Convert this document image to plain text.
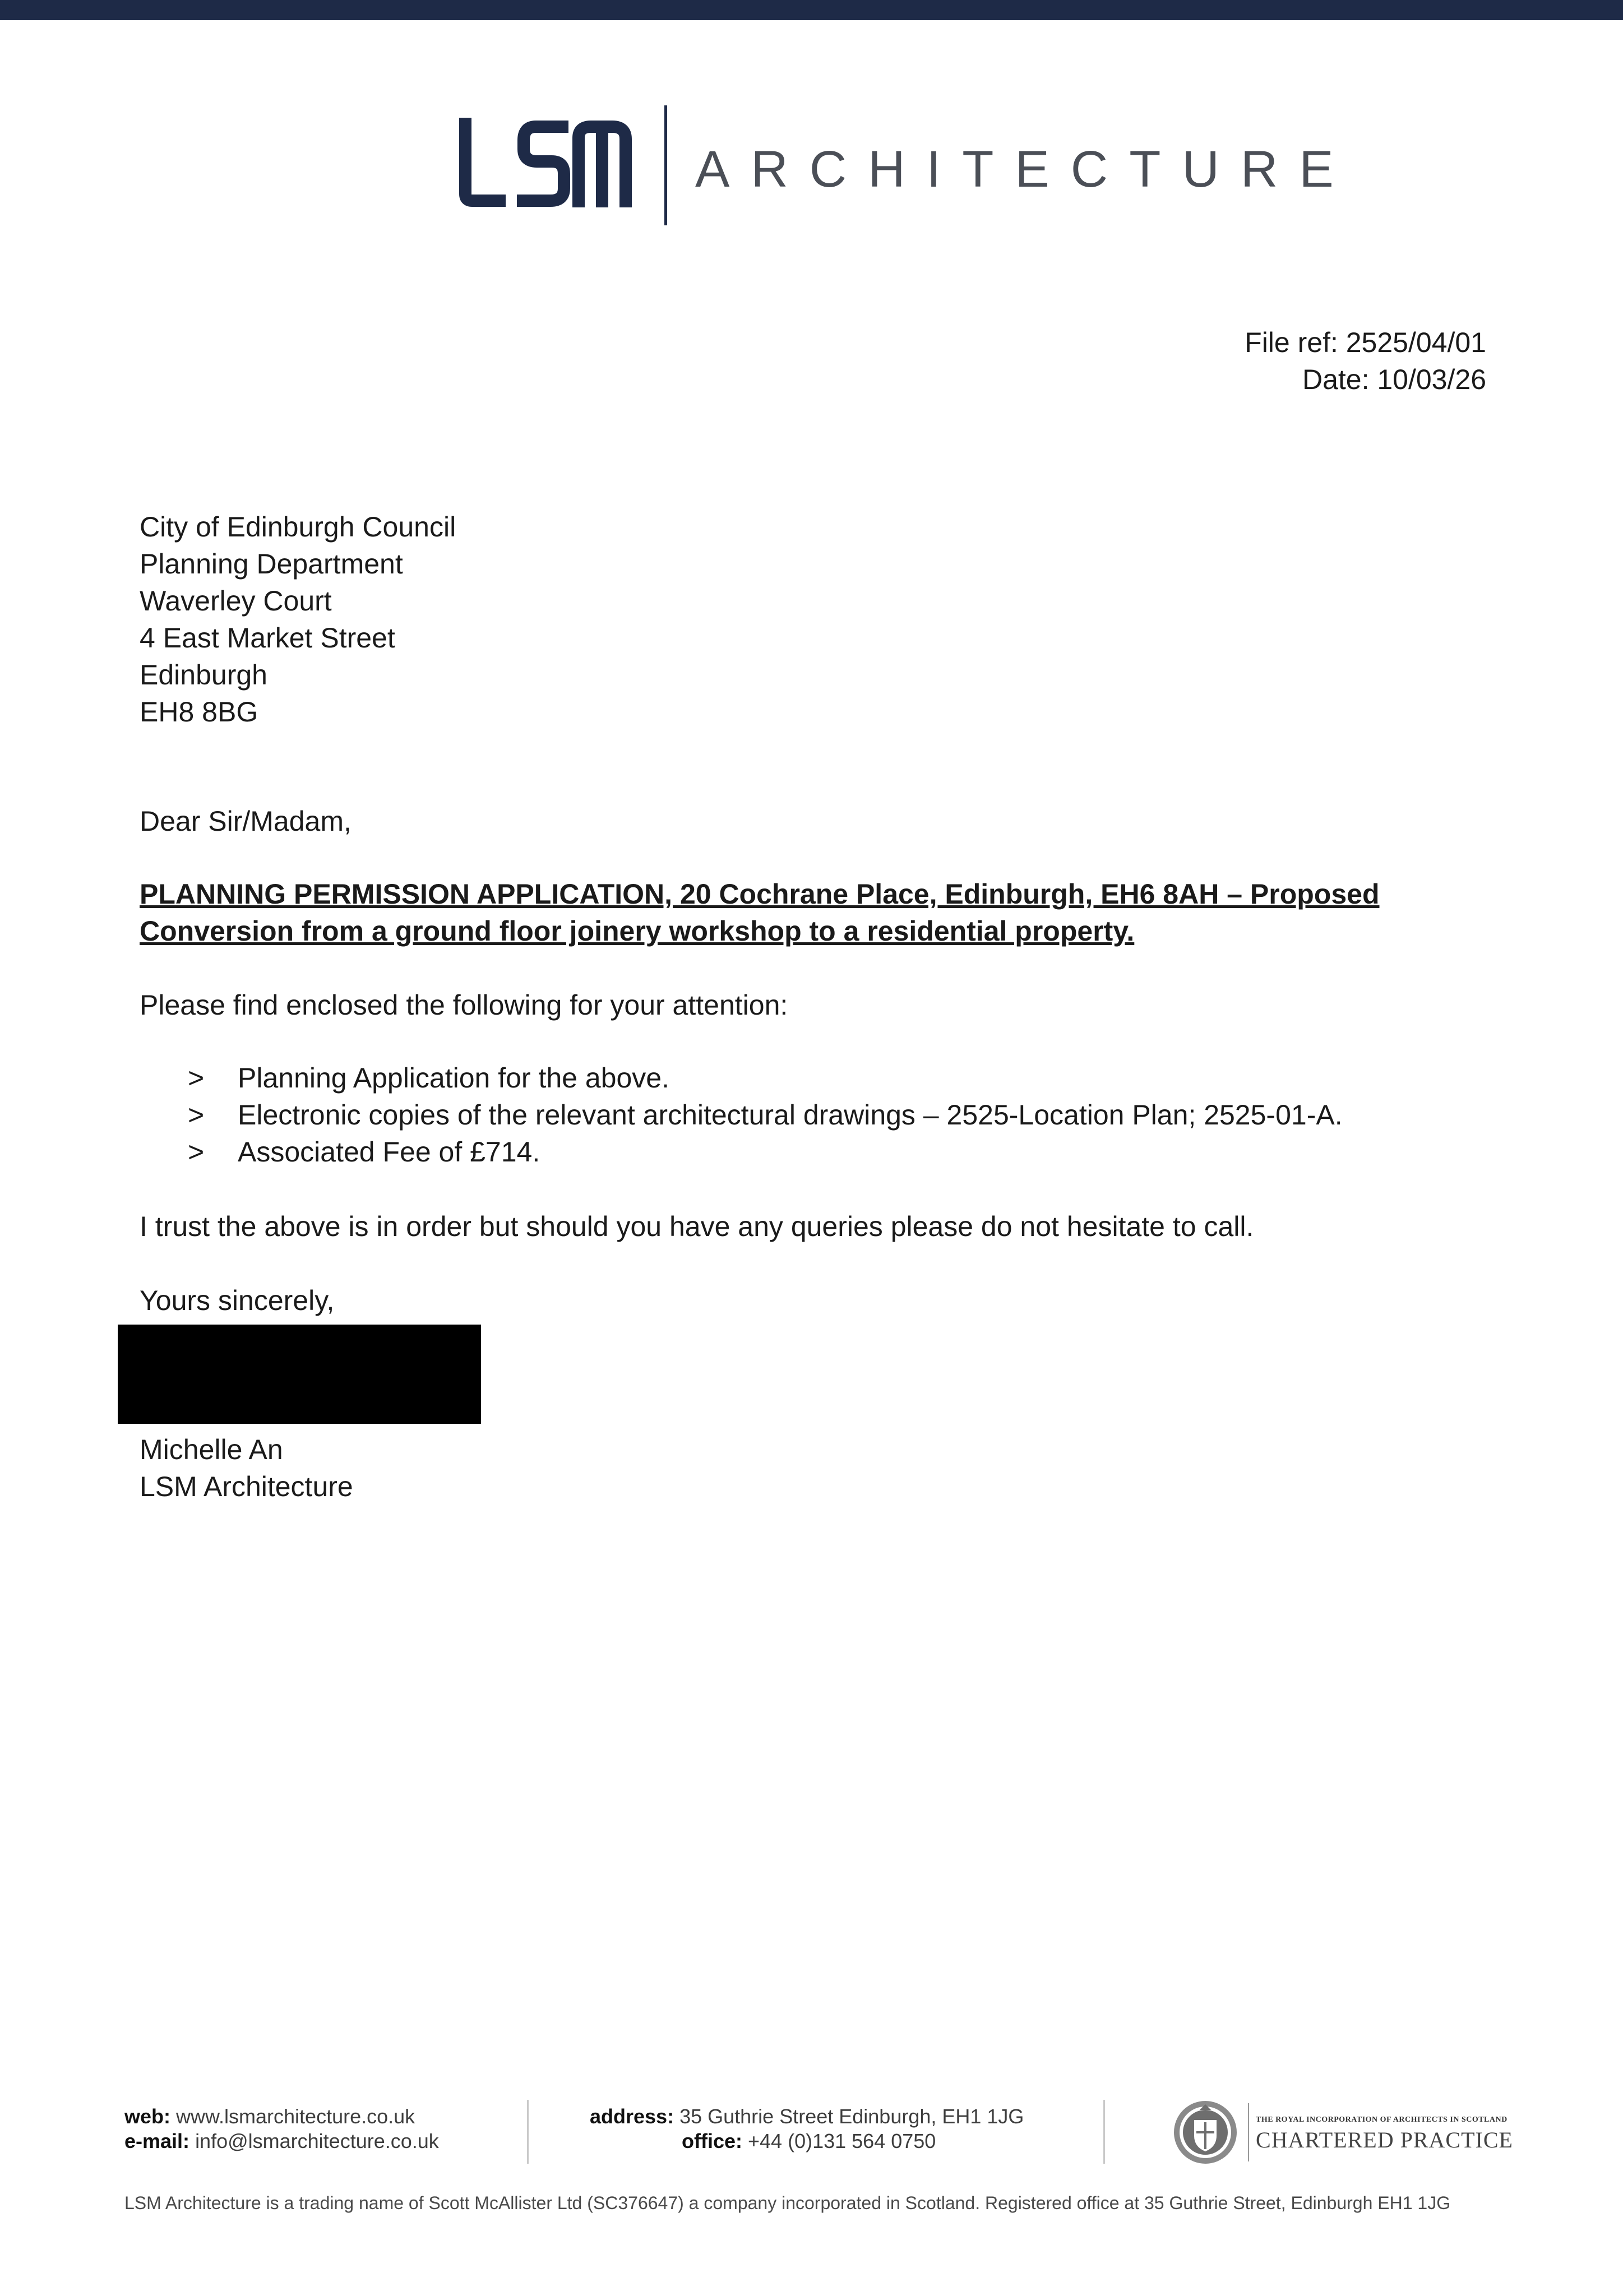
ARCHITECTURE
File ref: 2525/04/01
Date: 10/03/26
City of Edinburgh Council
Planning Department
Waverley Court
4 East Market Street
Edinburgh
EH8 8BG
Dear Sir/Madam,
PLANNING PERMISSION APPLICATION, 20 Cochrane Place, Edinburgh, EH6 8AH – Proposed Conversion from a ground floor joinery workshop to a residential property.
Please find enclosed the following for your attention:
> Planning Application for the above.
> Electronic copies of the relevant architectural drawings – 2525-Location Plan; 2525-01-A.
> Associated Fee of £714.
I trust the above is in order but should you have any queries please do not hesitate to call.
Yours sincerely,
Michelle An
LSM Architecture
web: www.lsmarchitecture.co.uk
e-mail: info@lsmarchitecture.co.uk
address: 35 Guthrie Street Edinburgh, EH1 1JG
office: +44 (0)131 564 0750
THE ROYAL INCORPORATION OF ARCHITECTS IN SCOTLAND
CHARTERED PRACTICE
LSM Architecture is a trading name of Scott McAllister Ltd (SC376647) a company incorporated in Scotland. Registered office at 35 Guthrie Street, Edinburgh EH1 1JG
